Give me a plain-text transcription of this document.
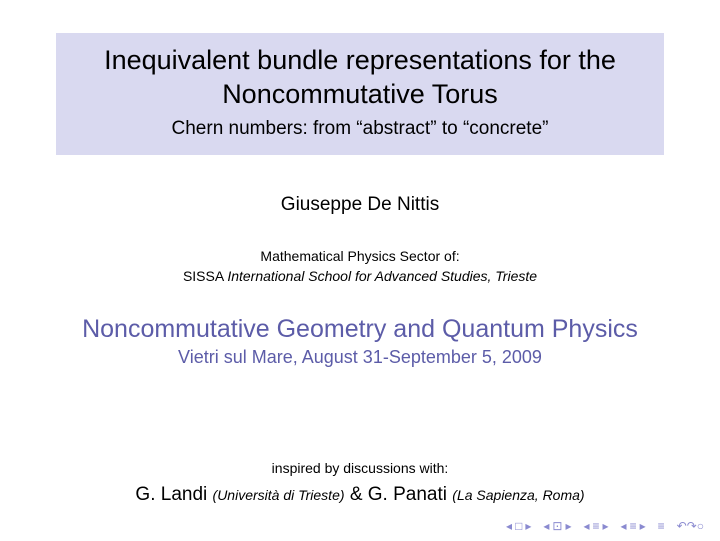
Inequivalent bundle representations for the
Noncommutative Torus
Chern numbers: from “abstract” to “concrete”
Giuseppe De Nittis
Mathematical Physics Sector of:
SISSA International School for Advanced Studies, Trieste
Noncommutative Geometry and Quantum Physics
Vietri sul Mare, August 31-September 5, 2009
inspired by discussions with:
G. Landi (Università di Trieste) & G. Panati (La Sapienza, Roma)
◂ □ ▸ ◂ ⊡ ▸ ◂ ≡ ▸ ◂ ≡ ▸ ≡ ↶↷○
